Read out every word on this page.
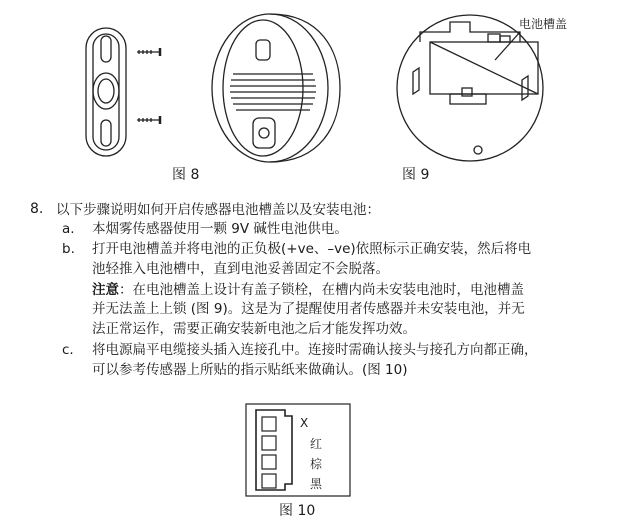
图 8
电池槽盖
图 9
8. 以下步骤说明如何开启传感器电池槽盖以及安装电池：
a. 本烟雾传感器使用一颗 9V 碱性电池供电。
b. 打开电池槽盖并将电池的正负极(+ve、–ve)依照标示正确安装，然后将电
池轻推入电池槽中，直到电池妥善固定不会脱落。
注意：在电池槽盖上设计有盖子锁栓，在槽内尚未安装电池时，电池槽盖
并无法盖上上锁 (图 9)。这是为了提醒使用者传感器并未安装电池，并无
法正常运作，需要正确安装新电池之后才能发挥功效。
c. 将电源扁平电缆接头插入连接孔中。连接时需确认接头与接孔方向都正确，
可以参考传感器上所贴的指示贴纸来做确认。(图 10)
X
红
棕
黑
图 10
